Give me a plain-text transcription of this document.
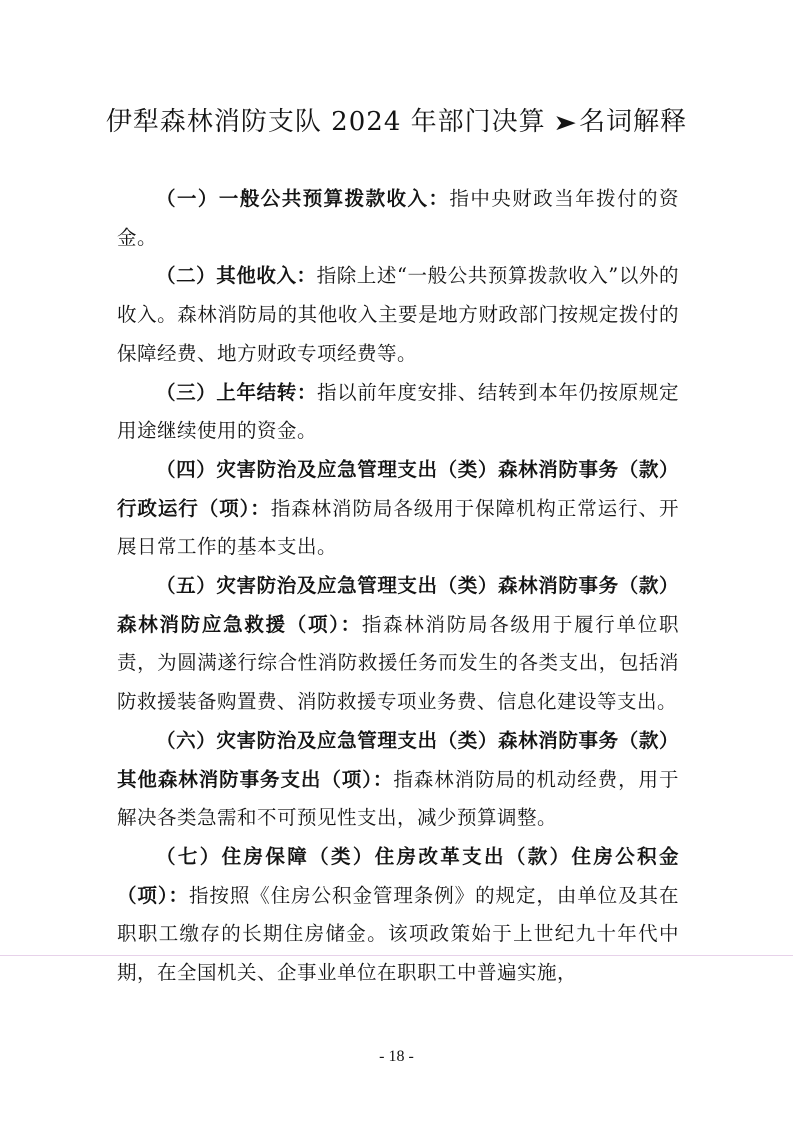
伊犁森林消防支队 2024 年部门决算 ➤名词解释

（一）一般公共预算拨款收入：指中央财政当年拨付的资金。

（二）其他收入：指除上述“一般公共预算拨款收入”以外的收入。森林消防局的其他收入主要是地方财政部门按规定拨付的保障经费、地方财政专项经费等。

（三）上年结转：指以前年度安排、结转到本年仍按原规定用途继续使用的资金。

（四）灾害防治及应急管理支出（类）森林消防事务（款）行政运行（项）：指森林消防局各级用于保障机构正常运行、开展日常工作的基本支出。

（五）灾害防治及应急管理支出（类）森林消防事务（款）森林消防应急救援（项）：指森林消防局各级用于履行单位职责，为圆满遂行综合性消防救援任务而发生的各类支出，包括消防救援装备购置费、消防救援专项业务费、信息化建设等支出。

（六）灾害防治及应急管理支出（类）森林消防事务（款）其他森林消防事务支出（项）：指森林消防局的机动经费，用于解决各类急需和不可预见性支出，减少预算调整。

（七）住房保障（类）住房改革支出（款）住房公积金（项）：指按照《住房公积金管理条例》的规定，由单位及其在职职工缴存的长期住房储金。该项政策始于上世纪九十年代中期，在全国机关、企事业单位在职职工中普遍实施，

- 18 -
